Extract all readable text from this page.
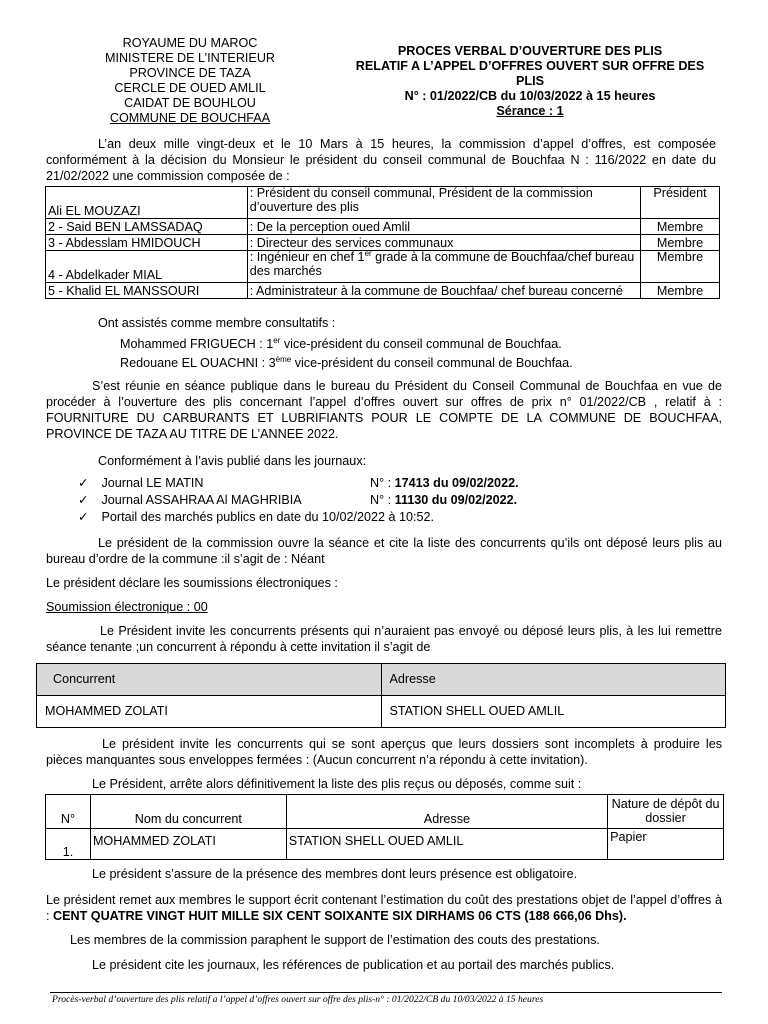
ROYAUME DU MAROC
MINISTERE DE L’INTERIEUR
PROVINCE DE TAZA
CERCLE DE OUED AMLIL
CAIDAT DE BOUHLOU
COMMUNE DE BOUCHFAA
PROCES VERBAL D’OUVERTURE DES PLIS
RELATIF A L’APPEL D’OFFRES OUVERT SUR OFFRE DES
PLIS
N° : 01/2022/CB du 10/03/2022 à 15 heures
Sérance : 1
L’an deux mille vingt-deux et le 10 Mars à 15 heures, la commission d’appel d’offres, est composée conformément à la décision du Monsieur le président du conseil communal de Bouchfaa N : 116/2022 en date du 21/02/2022 une commission composée de :
Ali EL MOUZAZI	: Président du conseil communal, Président de la commission d’ouverture des plis	Président
2 - Said BEN LAMSSADAQ	: De la perception oued Amlil	Membre
3 - Abdesslam HMIDOUCH	: Directeur des services communaux	Membre
4 - Abdelkader MIAL	: Ingénieur en chef 1er grade à la commune de Bouchfaa/chef bureau des marchés	Membre
5 - Khalid EL MANSSOURI	: Administrateur à la commune de Bouchfaa/ chef bureau concerné	Membre
Ont assistés comme membre consultatifs :
Mohammed FRIGUECH : 1er vice-président du conseil communal de Bouchfaa.
Redouane EL OUACHNI : 3ème vice-président du conseil communal de Bouchfaa.
S’est réunie en séance publique dans le bureau du Président du Conseil Communal de Bouchfaa en vue de procéder à l’ouverture des plis concernant l’appel d’offres ouvert sur offres de prix n° 01/2022/CB , relatif à : FOURNITURE DU CARBURANTS ET LUBRIFIANTS POUR LE COMPTE DE LA COMMUNE DE BOUCHFAA, PROVINCE DE TAZA AU TITRE DE L’ANNEE 2022.
Conformément à l’avis publié dans les journaux:
✓ Journal LE MATIN	N° : 17413 du 09/02/2022.
✓ Journal ASSAHRAA Al MAGHRIBIA	N° : 11130 du 09/02/2022.
✓ Portail des marchés publics en date du 10/02/2022 à 10:52.
Le président de la commission ouvre la séance et cite la liste des concurrents qu’ils ont déposé leurs plis au bureau d’ordre de la commune :il s’agit de : Néant
Le président déclare les soumissions électroniques :
Soumission électronique : 00
Le Président invite les concurrents présents qui n’auraient pas envoyé ou déposé leurs plis, à les lui remettre séance tenante ;un concurrent à répondu à cette invitation il s’agit de
Concurrent	Adresse
MOHAMMED ZOLATI	STATION SHELL OUED AMLIL
Le président invite les concurrents qui se sont aperçus que leurs dossiers sont incomplets à produire les pièces manquantes sous enveloppes fermées : (Aucun concurrent n’a répondu à cette invitation).
Le Président, arrête alors définitivement la liste des plis reçus ou déposés, comme suit :
N°	Nom du concurrent	Adresse	Nature de dépôt du dossier
1.	MOHAMMED ZOLATI	STATION SHELL OUED AMLIL	Papier
Le président s’assure de la présence des membres dont leurs présence est obligatoire.
Le président remet aux membres le support écrit contenant l’estimation du coût des prestations objet de l’appel d’offres à : CENT QUATRE VINGT HUIT MILLE SIX CENT SOIXANTE SIX DIRHAMS 06 CTS (188 666,06 Dhs).
Les membres de la commission paraphent le support de l’estimation des couts des prestations.
Le président cite les journaux, les références de publication et au portail des marchés publics.
Procès-verbal d’ouverture des plis relatif a l’appel d’offres ouvert sur offre des plis-n° : 01/2022/CB du 10/03/2022 à 15 heures
